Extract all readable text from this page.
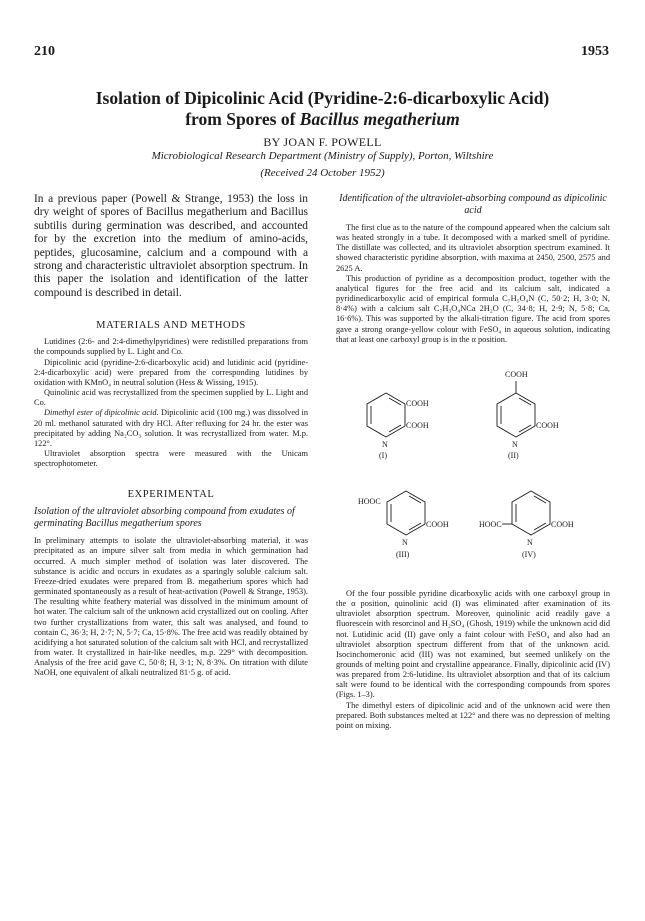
210	1953
Isolation of Dipicolinic Acid (Pyridine-2:6-dicarboxylic Acid)
from Spores of Bacillus megatherium
BY JOAN F. POWELL
Microbiological Research Department (Ministry of Supply), Porton, Wiltshire
(Received 24 October 1952)

In a previous paper (Powell & Strange, 1953) the loss in dry weight of spores of Bacillus megatherium and Bacillus subtilis during germination was described, and accounted for by the excretion into the medium of amino-acids, peptides, glucosamine, calcium and a compound with a strong and characteristic ultraviolet absorption spectrum. In this paper the isolation and identification of the latter compound is described in detail.

MATERIALS AND METHODS

Lutidines (2:6- and 2:4-dimethylpyridines) were redistilled preparations from the compounds supplied by L. Light and Co.

Dipicolinic acid (pyridine-2:6-dicarboxylic acid) and lutidinic acid (pyridine-2:4-dicarboxylic acid) were prepared from the corresponding lutidines by oxidation with KMnO₄ in neutral solution (Hess & Wissing, 1915).

Quinolinic acid was recrystallized from the specimen supplied by L. Light and Co.

Dimethyl ester of dipicolinic acid. Dipicolinic acid (100 mg.) was dissolved in 20 ml. methanol saturated with dry HCl. After refluxing for 24 hr. the ester was precipitated by adding Na₂CO₃ solution. It was recrystallized from water. M.p. 122°.

Ultraviolet absorption spectra were measured with the Unicam spectrophotometer.

EXPERIMENTAL
Isolation of the ultraviolet absorbing compound from exudates of germinating Bacillus megatherium spores

In preliminary attempts to isolate the ultraviolet-absorbing material, it was precipitated as an impure silver salt from media in which germination had occurred. A much simpler method of isolation was later discovered. The substance is acidic and occurs in exudates as a sparingly soluble calcium salt. Freeze-dried exudates were prepared from B. megatherium spores which had germinated spontaneously as a result of heat-activation (Powell & Strange, 1953). The resulting white feathery material was dissolved in the minimum amount of hot water. The calcium salt of the unknown acid crystallized out on cooling. After two further crystallizations from water, this salt was analysed, and found to contain C, 36·3; H, 2·7; N, 5·7; Ca, 15·8%. The free acid was readily obtained by acidifying a hot saturated solution of the calcium salt with HCl, and recrystallized from water. It crystallized in hair-like needles, m.p. 229° with decomposition. Analysis of the free acid gave C, 50·8; H, 3·1; N, 8·3%. On titration with dilute NaOH, one equivalent of alkali neutralized 81·5 g. of acid.

Identification of the ultraviolet-absorbing compound as dipicolinic acid

The first clue as to the nature of the compound appeared when the calcium salt was heated strongly in a tube. It decomposed with a marked smell of pyridine. The distillate was collected, and its ultraviolet absorption spectrum examined. It showed characteristic pyridine absorption, with maxima at 2450, 2500, 2575 and 2625 A.

This production of pyridine as a decomposition product, together with the analytical figures for the free acid and its calcium salt, indicated a pyridinedicarboxylic acid of empirical formula C₇H₅O₄N (C, 50·2; H, 3·0; N, 8·4%) with a calcium salt C₇H₃O₄NCa 2H₂O (C, 34·8; H, 2·9; N, 5·8; Ca, 16·6%). This was supported by the alkali-titration figure. The acid from spores gave a strong orange-yellow colour with FeSO₄ in aqueous solution, indicating that at least one carboxyl group is in the α position.

COOH
COOH
N
(I)
COOH
COOH
N
(II)
HOOC
COOH
N
(III)
HOOC	COOH
N
(IV)

Of the four possible pyridine dicarboxylic acids with one carboxyl group in the α position, quinolinic acid (I) was eliminated after examination of its ultraviolet absorption spectrum. Moreover, quinolinic acid readily gave a fluorescein with resorcinol and H₂SO₄ (Ghosh, 1919) while the unknown acid did not. Lutidinic acid (II) gave only a faint colour with FeSO₄ and also had an ultraviolet absorption spectrum different from that of the unknown acid. Isocinchomeronic acid (III) was not examined, but seemed unlikely on the grounds of melting point and crystalline appearance. Finally, dipicolinic acid (IV) was prepared from 2:6-lutidine. Its ultraviolet absorption and that of its calcium salt were found to be identical with the corresponding compounds from spores (Figs. 1–3).

The dimethyl esters of dipicolinic acid and of the unknown acid were then prepared. Both substances melted at 122° and there was no depression of melting point on mixing.
